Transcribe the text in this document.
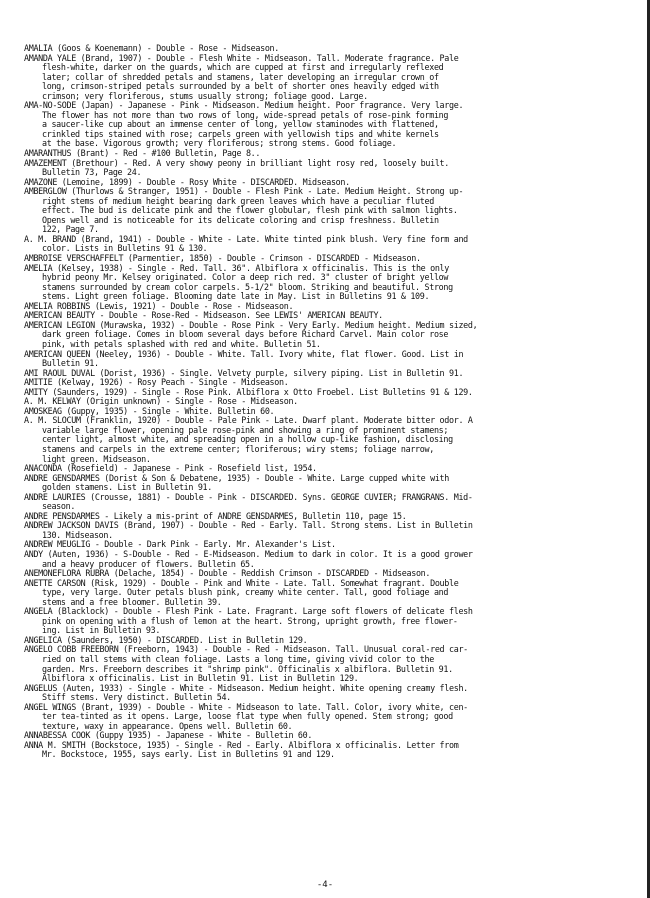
AMALIA (Goos & Koenemann) - Double - Rose - Midseason.
AMANDA YALE (Brand, 1907) - Double - Flesh White - Midseason. Tall. Moderate fragrance. Pale
flesh-white, darker on the guards, which are cupped at first and irregularly reflexed
later; collar of shredded petals and stamens, later developing an irregular crown of
long, crimson-striped petals surrounded by a belt of shorter ones heavily edged with
crimson; very floriferous, stums usually strong; foliage good. Large.
AMA-NO-SODE (Japan) - Japanese - Pink - Midseason. Medium height. Poor fragrance. Very large.
The flower has not more than two rows of long, wide-spread petals of rose-pink forming
a saucer-like cup about an immense center of long, yellow staminodes with flattened,
crinkled tips stained with rose; carpels green with yellowish tips and white kernels
at the base. Vigorous growth; very floriferous; strong stems. Good foliage.
AMARANTHUS (Brant) - Red - #100 Bulletin, Page 8..
AMAZEMENT (Brethour) - Red. A very showy peony in brilliant light rosy red, loosely built.
Bulletin 73, Page 24.
AMAZONE (Lemoine, 1899) - Double - Rosy White - DISCARDED. Midseason.
AMBERGLOW (Thurlows & Stranger, 1951) - Double - Flesh Pink - Late. Medium Height. Strong up-
right stems of medium height bearing dark green leaves which have a peculiar fluted
effect. The bud is delicate pink and the flower globular, flesh pink with salmon lights.
Opens well and is noticeable for its delicate coloring and crisp freshness. Bulletin
122, Page 7.
A. M. BRAND (Brand, 1941) - Double - White - Late. White tinted pink blush. Very fine form and
color. Lists in Bulletins 91 & 130.
AMBROISE VERSCHAFFELT (Parmentier, 1850) - Double - Crimson - DISCARDED - Midseason.
AMELIA (Kelsey, 1938) - Single - Red. Tall. 36". Albiflora x officinalis. This is the only
hybrid peony Mr. Kelsey originated. Color a deep rich red. 3" cluster of bright yellow
stamens surrounded by cream color carpels. 5-1/2" bloom. Striking and beautiful. Strong
stems. Light green foliage. Blooming date late in May. List in Bulletins 91 & 109.
AMELIA ROBBINS (Lewis, 1921) - Double - Rose - Midseason.
AMERICAN BEAUTY - Double - Rose-Red - Midseason. See LEWIS' AMERICAN BEAUTY.
AMERICAN LEGION (Murawska, 1932) - Double - Rose Pink - Very Early. Medium height. Medium sized,
dark green foliage. Comes in bloom several days before Richard Carvel. Main color rose
pink, with petals splashed with red and white. Bulletin 51.
AMERICAN QUEEN (Neeley, 1936) - Double - White. Tall. Ivory white, flat flower. Good. List in
Bulletin 91.
AMI RAOUL DUVAL (Dorist, 1936) - Single. Velvety purple, silvery piping. List in Bulletin 91.
AMITIE (Kelway, 1926) - Rosy Peach - Single - Midseason.
AMITY (Saunders, 1929) - Single - Rose Pink. Albiflora x Otto Froebel. List Bulletins 91 & 129.
A. M. KELWAY (Origin unknown) - Single - Rose - Midseason.
AMOSKEAG (Guppy, 1935) - Single - White. Bulletin 60.
A. M. SLOCUM (Franklin, 1920) - Double - Pale Pink - Late. Dwarf plant. Moderate bitter odor. A
variable large flower, opening pale rose-pink and showing a ring of prominent stamens;
center light, almost white, and spreading open in a hollow cup-like fashion, disclosing
stamens and carpels in the extreme center; floriferous; wiry stems; foliage narrow,
light green. Midseason.
ANACONDA (Rosefield) - Japanese - Pink - Rosefield list, 1954.
ANDRE GENSDARMES (Dorist & Son & Debatene, 1935) - Double - White. Large cupped white with
golden stamens. List in Bulletin 91.
ANDRE LAURIES (Crousse, 1881) - Double - Pink - DISCARDED. Syns. GEORGE CUVIER; FRANGRANS. Mid-
season.
ANDRE PENSDARMES - Likely a mis-print of ANDRE GENSDARMES, Bulletin 110, page 15.
ANDREW JACKSON DAVIS (Brand, 1907) - Double - Red - Early. Tall. Strong stems. List in Bulletin
130. Midseason.
ANDREW MEUGLIG - Double - Dark Pink - Early. Mr. Alexander's List.
ANDY (Auten, 1936) - S-Double - Red - E-Midseason. Medium to dark in color. It is a good grower
and a heavy producer of flowers. Bulletin 65.
ANEMONEFLORA RUBRA (Delache, 1854) - Double - Reddish Crimson - DISCARDED - Midseason.
ANETTE CARSON (Risk, 1929) - Double - Pink and White - Late. Tall. Somewhat fragrant. Double
type, very large. Outer petals blush pink, creamy white center. Tall, good foliage and
stems and a free bloomer. Bulletin 39.
ANGELA (Blacklock) - Double - Flesh Pink - Late. Fragrant. Large soft flowers of delicate flesh
pink on opening with a flush of lemon at the heart. Strong, upright growth, free flower-
ing. List in Bulletin 93.
ANGELICA (Saunders, 1950) - DISCARDED. List in Bulletin 129.
ANGELO COBB FREEBORN (Freeborn, 1943) - Double - Red - Midseason. Tall. Unusual coral-red car-
ried on tall stems with clean foliage. Lasts a long time, giving vivid color to the
garden. Mrs. Freeborn describes it "shrimp pink". Officinalis x albiflora. Bulletin 91.
Albiflora x officinalis. List in Bulletin 91. List in Bulletin 129.
ANGELUS (Auten, 1933) - Single - White - Midseason. Medium height. White opening creamy flesh.
Stiff stems. Very distinct. Bulletin 54.
ANGEL WINGS (Brant, 1939) - Double - White - Midseason to late. Tall. Color, ivory white, cen-
ter tea-tinted as it opens. Large, loose flat type when fully opened. Stem strong; good
texture, waxy in appearance. Opens well. Bulletin 60.
ANNABESSA COOK (Guppy 1935) - Japanese - White - Bulletin 60.
ANNA M. SMITH (Bockstoce, 1935) - Single - Red - Early. Albiflora x officinalis. Letter from
Mr. Bockstoce, 1955, says early. List in Bulletins 91 and 129.
-4-
